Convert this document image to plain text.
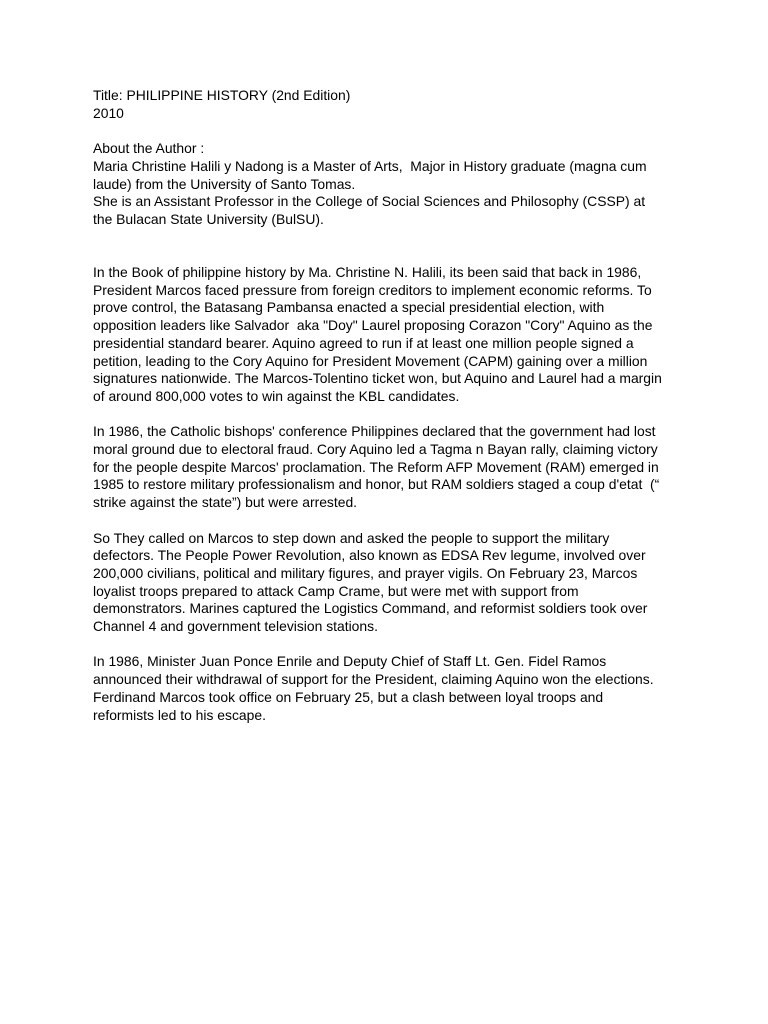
Title: PHILIPPINE HISTORY (2nd Edition)
2010
About the Author :
Maria Christine Halili y Nadong is a Master of Arts,  Major in History graduate (magna cum
laude) from the University of Santo Tomas.
She is an Assistant Professor in the College of Social Sciences and Philosophy (CSSP) at
the Bulacan State University (BulSU).
In the Book of philippine history by Ma. Christine N. Halili, its been said that back in 1986,
President Marcos faced pressure from foreign creditors to implement economic reforms. To
prove control, the Batasang Pambansa enacted a special presidential election, with
opposition leaders like Salvador  aka "Doy" Laurel proposing Corazon "Cory" Aquino as the
presidential standard bearer. Aquino agreed to run if at least one million people signed a
petition, leading to the Cory Aquino for President Movement (CAPM) gaining over a million
signatures nationwide. The Marcos-Tolentino ticket won, but Aquino and Laurel had a margin
of around 800,000 votes to win against the KBL candidates.
In 1986, the Catholic bishops' conference Philippines declared that the government had lost
moral ground due to electoral fraud. Cory Aquino led a Tagma n Bayan rally, claiming victory
for the people despite Marcos' proclamation. The Reform AFP Movement (RAM) emerged in
1985 to restore military professionalism and honor, but RAM soldiers staged a coup d'etat  (“
strike against the state”) but were arrested.
So They called on Marcos to step down and asked the people to support the military
defectors. The People Power Revolution, also known as EDSA Rev legume, involved over
200,000 civilians, political and military figures, and prayer vigils. On February 23, Marcos
loyalist troops prepared to attack Camp Crame, but were met with support from
demonstrators. Marines captured the Logistics Command, and reformist soldiers took over
Channel 4 and government television stations.
In 1986, Minister Juan Ponce Enrile and Deputy Chief of Staff Lt. Gen. Fidel Ramos
announced their withdrawal of support for the President, claiming Aquino won the elections.
Ferdinand Marcos took office on February 25, but a clash between loyal troops and
reformists led to his escape.
